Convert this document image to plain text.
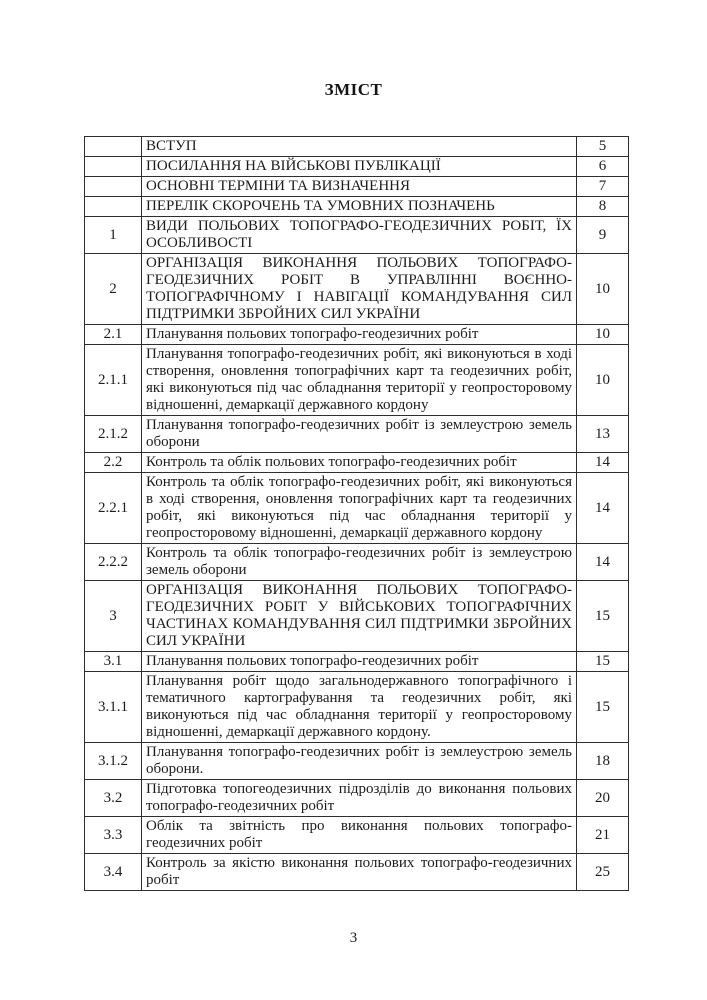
ЗМІСТ
	ВСТУП	5
	ПОСИЛАННЯ НА ВІЙСЬКОВІ ПУБЛІКАЦІЇ	6
	ОСНОВНІ ТЕРМІНИ ТА ВИЗНАЧЕННЯ	7
	ПЕРЕЛІК СКОРОЧЕНЬ ТА УМОВНИХ ПОЗНАЧЕНЬ	8
1	ВИДИ ПОЛЬОВИХ ТОПОГРАФО-ГЕОДЕЗИЧНИХ РОБІТ, ЇХ ОСОБЛИВОСТІ	9
2	ОРГАНІЗАЦІЯ ВИКОНАННЯ ПОЛЬОВИХ ТОПОГРАФО-ГЕОДЕЗИЧНИХ РОБІТ В УПРАВЛІННІ ВОЄННО-ТОПОГРАФІЧНОМУ І НАВІГАЦІЇ КОМАНДУВАННЯ СИЛ ПІДТРИМКИ ЗБРОЙНИХ СИЛ УКРАЇНИ	10
2.1	Планування польових топографо-геодезичних робіт	10
2.1.1	Планування топографо-геодезичних робіт, які виконуються в ході створення, оновлення топографічних карт та геодезичних робіт, які виконуються під час обладнання території у геопросторовому відношенні, демаркації державного кордону	10
2.1.2	Планування топографо-геодезичних робіт із землеустрою земель оборони	13
2.2	Контроль та облік польових топографо-геодезичних робіт	14
2.2.1	Контроль та облік топографо-геодезичних робіт, які виконуються в ході створення, оновлення топографічних карт та геодезичних робіт, які виконуються під час обладнання території у геопросторовому відношенні, демаркації державного кордону	14
2.2.2	Контроль та облік топографо-геодезичних робіт із землеустрою земель оборони	14
3	ОРГАНІЗАЦІЯ ВИКОНАННЯ ПОЛЬОВИХ ТОПОГРАФО-ГЕОДЕЗИЧНИХ РОБІТ У ВІЙСЬКОВИХ ТОПОГРАФІЧНИХ ЧАСТИНАХ КОМАНДУВАННЯ СИЛ ПІДТРИМКИ ЗБРОЙНИХ СИЛ УКРАЇНИ	15
3.1	Планування польових топографо-геодезичних робіт	15
3.1.1	Планування робіт щодо загальнодержавного топографічного і тематичного картографування та геодезичних робіт, які виконуються під час обладнання території у геопросторовому відношенні, демаркації державного кордону.	15
3.1.2	Планування топографо-геодезичних робіт із землеустрою земель оборони.	18
3.2	Підготовка топогеодезичних підрозділів до виконання польових топографо-геодезичних робіт	20
3.3	Облік та звітність про виконання польових топографо-геодезичних робіт	21
3.4	Контроль за якістю виконання польових топографо-геодезичних робіт	25
3
